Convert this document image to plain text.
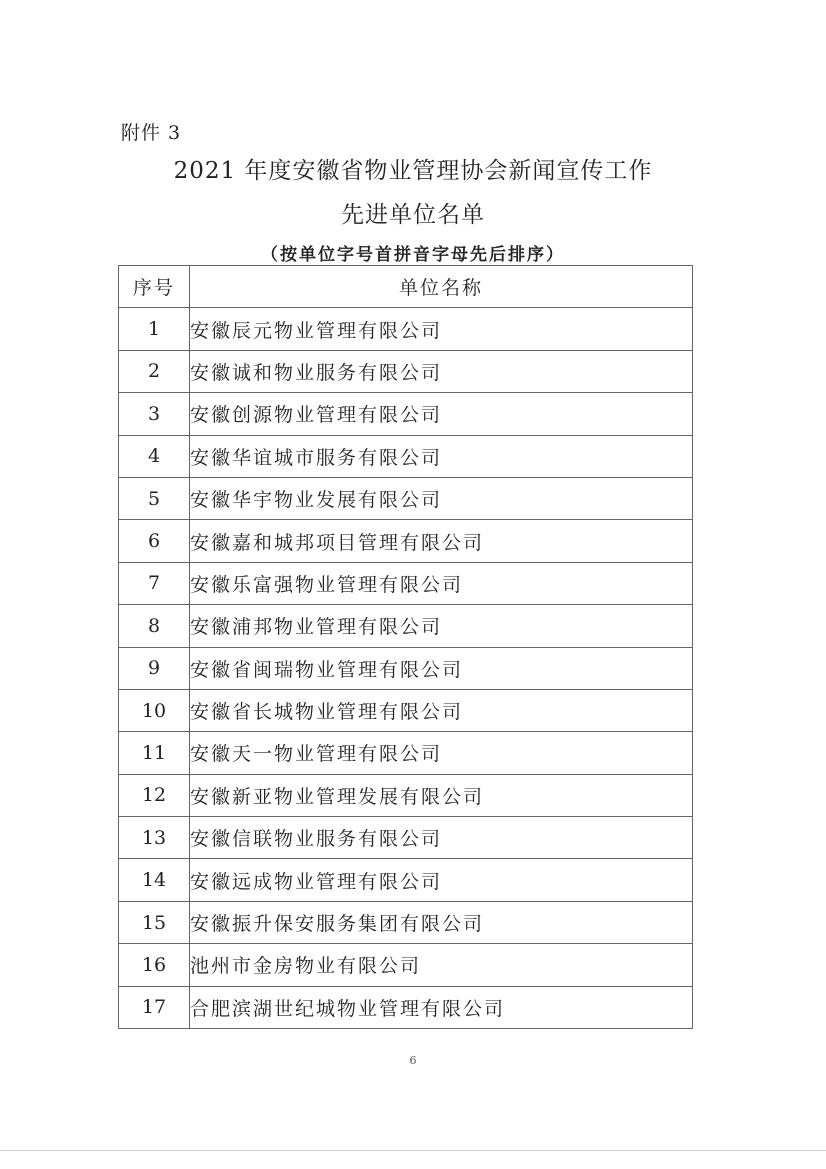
附件 3
2021 年度安徽省物业管理协会新闻宣传工作
先进单位名单
（按单位字号首拼音字母先后排序）
序号	单位名称
1	安徽辰元物业管理有限公司
2	安徽诚和物业服务有限公司
3	安徽创源物业管理有限公司
4	安徽华谊城市服务有限公司
5	安徽华宇物业发展有限公司
6	安徽嘉和城邦项目管理有限公司
7	安徽乐富强物业管理有限公司
8	安徽浦邦物业管理有限公司
9	安徽省闽瑞物业管理有限公司
10	安徽省长城物业管理有限公司
11	安徽天一物业管理有限公司
12	安徽新亚物业管理发展有限公司
13	安徽信联物业服务有限公司
14	安徽远成物业管理有限公司
15	安徽振升保安服务集团有限公司
16	池州市金房物业有限公司
17	合肥滨湖世纪城物业管理有限公司
6
